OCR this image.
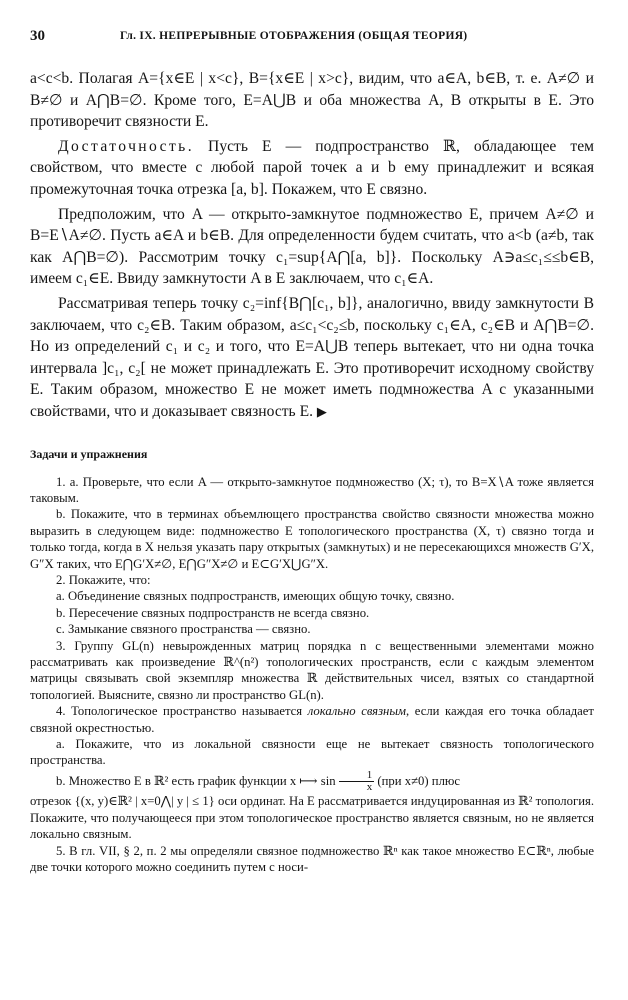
30	Гл. IX. НЕПРЕРЫВНЫЕ ОТОБРАЖЕНИЯ (ОБЩАЯ ТЕОРИЯ)

a<c<b. Полагая A={x∈E | x<c}, B={x∈E | x>c}, видим, что a∈A, b∈B, т. е. A≠∅ и B≠∅ и A⋂B=∅. Кроме того, E=A⋃B и оба множества A, B открыты в E. Это противоречит связности E.

Достаточность. Пусть E — подпространство ℝ, обладающее тем свойством, что вместе с любой парой точек a и b ему принадлежит и всякая промежуточная точка отрезка [a, b]. Покажем, что E связно.

Предположим, что A — открыто-замкнутое подмножество E, причем A≠∅ и B=E∖A≠∅. Пусть a∈A и b∈B. Для определенности будем считать, что a<b (a≠b, так как A⋂B=∅). Рассмотрим точку c₁=sup{A⋂[a, b]}. Поскольку A∋a≤c₁≤≤b∈B, имеем c₁∈E. Ввиду замкнутости A в E заключаем, что c₁∈A.

Рассматривая теперь точку c₂=inf{B⋂[c₁, b]}, аналогично, ввиду замкнутости B заключаем, что c₂∈B. Таким образом, a≤c₁<c₂≤b, поскольку c₁∈A, c₂∈B и A⋂B=∅. Но из определений c₁ и c₂ и того, что E=A⋃B теперь вытекает, что ни одна точка интервала ]c₁, c₂[ не может принадлежать E. Это противоречит исходному свойству E. Таким образом, множество E не может иметь подмножества A с указанными свойствами, что и доказывает связность E. ▶

Задачи и упражнения

1. a. Проверьте, что если A — открыто-замкнутое подмножество (X; τ), то B=X∖A тоже является таковым.

b. Покажите, что в терминах объемлющего пространства свойство связности множества можно выразить в следующем виде: подмножество E топологического пространства (X, τ) связно тогда и только тогда, когда в X нельзя указать пару открытых (замкнутых) и не пересекающихся множеств G′X, G″X таких, что E⋂G′X≠∅, E⋂G″X≠∅ и E⊂G′X⋃G″X.

2. Покажите, что:

a. Объединение связных подпространств, имеющих общую точку, связно.

b. Пересечение связных подпространств не всегда связно.

c. Замыкание связного пространства — связно.

3. Группу GL(n) невырожденных матриц порядка n с вещественными элементами можно рассматривать как произведение ℝ^(n²) топологических пространств, если с каждым элементом матрицы связывать свой экземпляр множества ℝ действительных чисел, взятых со стандартной топологией. Выясните, связно ли пространство GL(n).

4. Топологическое пространство называется локально связным, если каждая его точка обладает связной окрестностью.

a. Покажите, что из локальной связности еще не вытекает связность топологического пространства.

b. Множество E в ℝ² есть график функции x ⟼ $\sin \frac{1}{x} (при$ x≠0) плюс

отрезок {(x, y)∈ℝ² | x=0⋀| y | ≤ 1} оси ординат. На E рассматривается индуцированная из ℝ² топология. Покажите, что получающееся при этом топологическое пространство является связным, но не является локально связным.

5. В гл. VII, § 2, п. 2 мы определяли связное подмножество ℝⁿ как такое множество E⊂ℝⁿ, любые две точки которого можно соединить путем с носи-
